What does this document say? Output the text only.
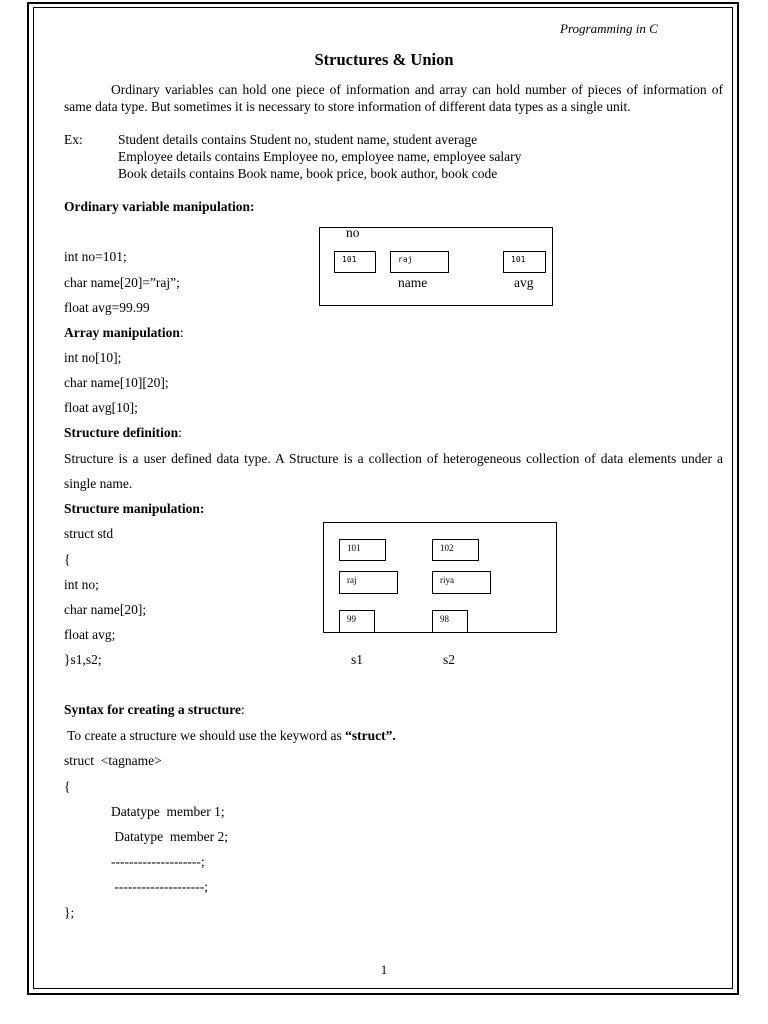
Programming in C
Structures & Union
Ordinary variables can hold one piece of information and array can hold number of pieces of information of same data type. But sometimes it is necessary to store information of different data types as a single unit.
Ex:	Student details contains Student no, student name, student average
Employee details contains Employee no, employee name, employee salary
Book details contains Book name, book price, book author, book code
Ordinary variable manipulation:
int no=101;
char name[20]=”raj”;
float avg=99.99
no
101	raj	101
name	avg
Array manipulation:
int no[10];
char name[10][20];
float avg[10];
Structure definition:
Structure is a user defined data type. A Structure is a collection of heterogeneous collection of data elements under a single name.
Structure manipulation:
struct std
{
int no;
char name[20];
float avg;
}s1,s2;
101
raj
99
102
riya
98
s1	s2
Syntax for creating a structure:
To create a structure we should use the keyword as “struct”.
struct  <tagname>
{
Datatype  member 1;
Datatype  member 2;
--------------------;
--------------------;
};
1
